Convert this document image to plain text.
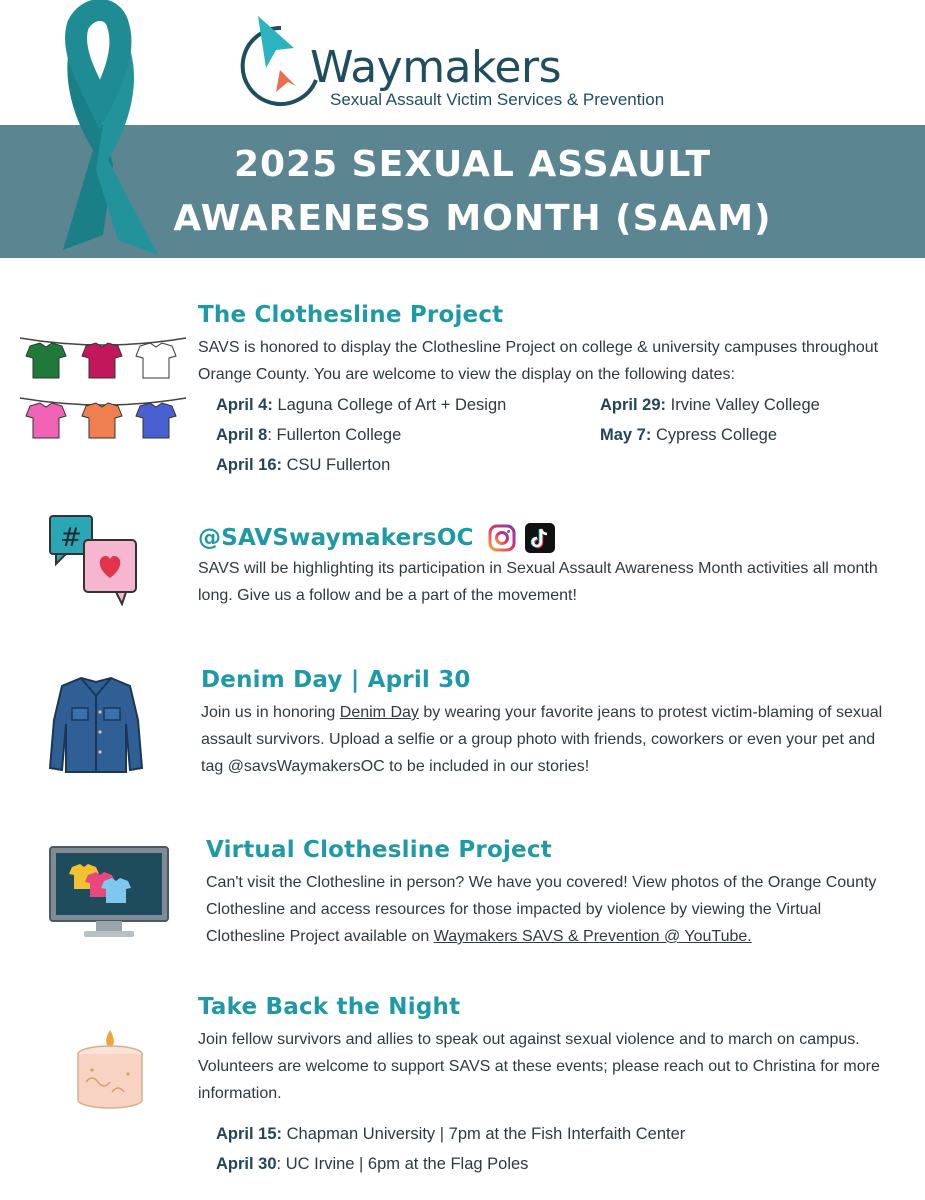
2025 SEXUAL ASSAULT
AWARENESS MONTH (SAAM)
Waymakers
Sexual Assault Victim Services & Prevention
The Clothesline Project

SAVS is honored to display the Clothesline Project on college & university campuses throughout Orange County. You are welcome to view the display on the following dates:

April 4: Laguna College of Art + Design
April 8: Fullerton College
April 16: CSU Fullerton
April 29: Irvine Valley College
May 7: Cypress College
#	@SAVSwaymakersOC

SAVS will be highlighting its participation in Sexual Assault Awareness Month activities all month long. Give us a follow and be a part of the movement!

Denim Day | April 30

Join us in honoring Denim Day by wearing your favorite jeans to protest victim-blaming of sexual assault survivors. Upload a selfie or a group photo with friends, coworkers or even your pet and tag @savsWaymakersOC to be included in our stories!

Virtual Clothesline Project

Can't visit the Clothesline in person? We have you covered! View photos of the Orange County Clothesline and access resources for those impacted by violence by viewing the Virtual Clothesline Project available on Waymakers SAVS & Prevention @ YouTube.

Take Back the Night

Join fellow survivors and allies to speak out against sexual violence and to march on campus. Volunteers are welcome to support SAVS at these events; please reach out to Christina for more information.

April 15: Chapman University | 7pm at the Fish Interfaith Center
April 30: UC Irvine | 6pm at the Flag Poles
